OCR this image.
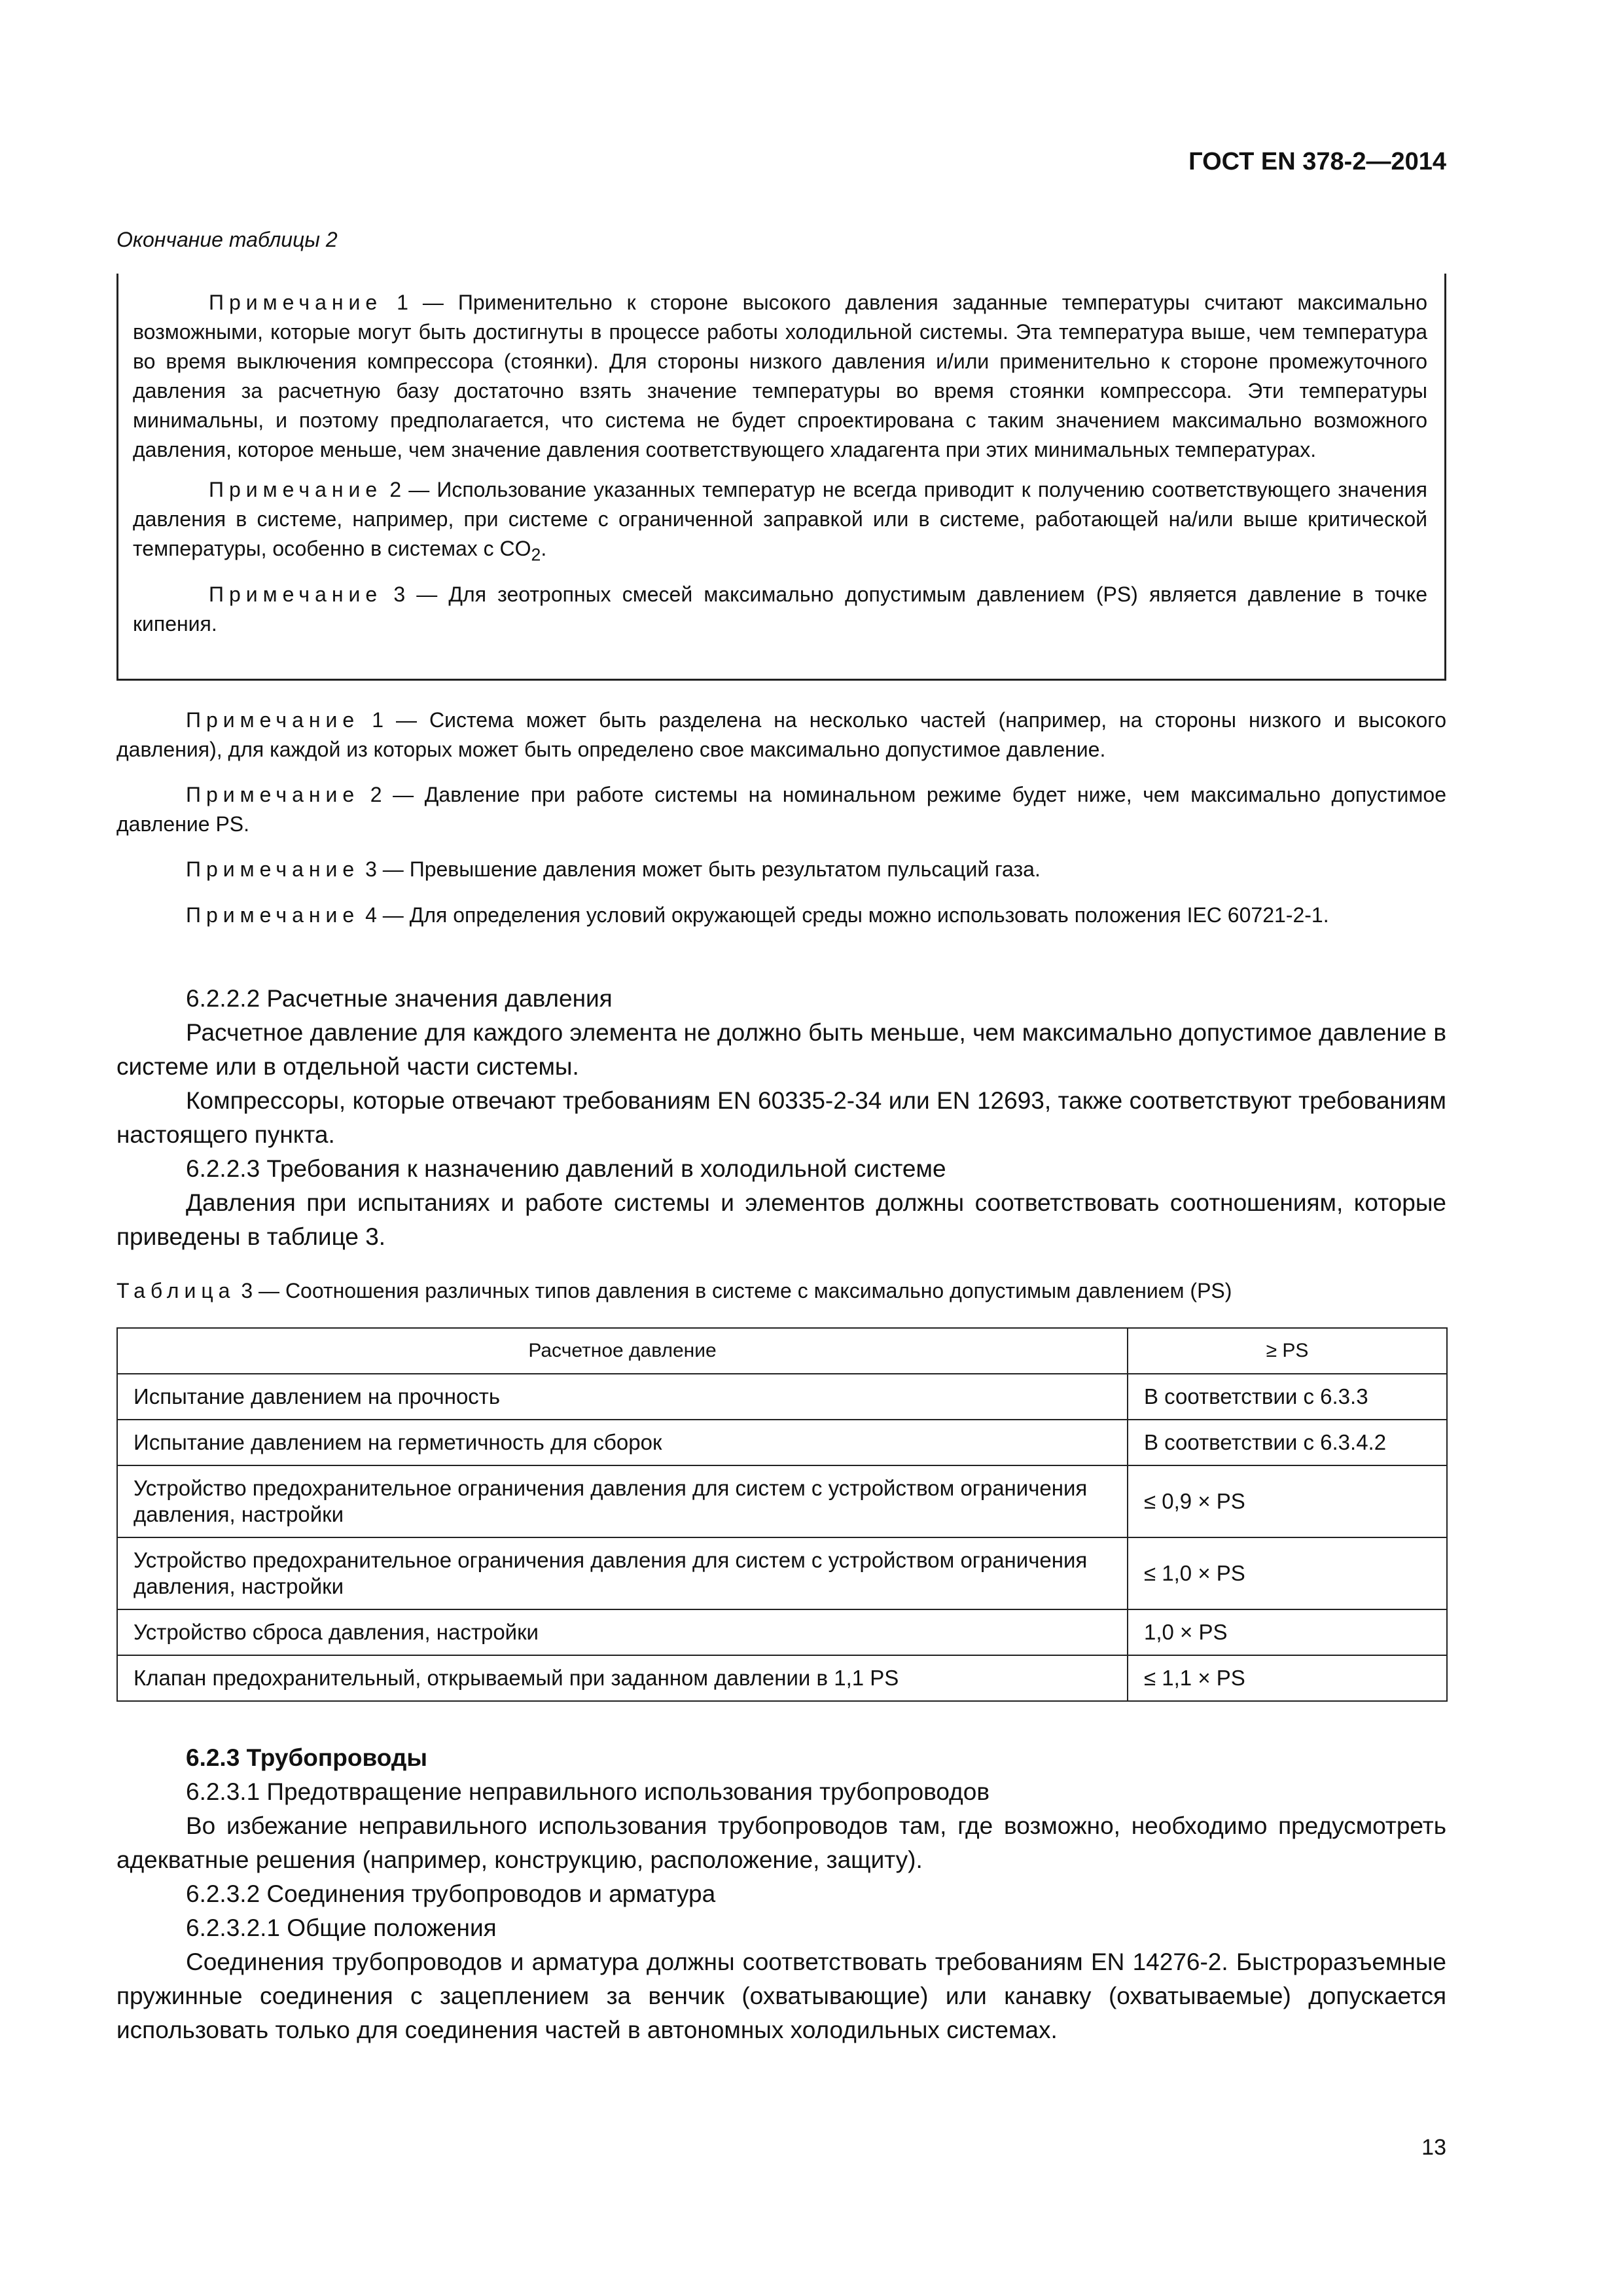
ГОСТ EN 378-2—2014
Окончание таблицы 2

Примечание 1 — Применительно к стороне высокого давления заданные температуры считают максимально возможными, которые могут быть достигнуты в процессе работы холодильной системы. Эта температура выше, чем температура во время выключения компрессора (стоянки). Для стороны низкого давления и/или применительно к стороне промежуточного давления за расчетную базу достаточно взять значение температуры во время стоянки компрессора. Эти температуры минимальны, и поэтому предполагается, что система не будет спроектирована с таким значением максимально возможного давления, которое меньше, чем значение давления соответствующего хладагента при этих минимальных температурах.

Примечание 2 — Использование указанных температур не всегда приводит к получению соответствующего значения давления в системе, например, при системе с ограниченной заправкой или в системе, работающей на/или выше критической температуры, особенно в системах с $CO_2$.

Примечание 3 — Для зеотропных смесей максимально допустимым давлением (PS) является давление в точке кипения.

Примечание 1 — Система может быть разделена на несколько частей (например, на стороны низкого и высокого давления), для каждой из которых может быть определено свое максимально допустимое давление.

Примечание 2 — Давление при работе системы на номинальном режиме будет ниже, чем максимально допустимое давление PS.

Примечание 3 — Превышение давления может быть результатом пульсаций газа.

Примечание 4 — Для определения условий окружающей среды можно использовать положения IEC 60721-2-1.

6.2.2.2 Расчетные значения давления

Расчетное давление для каждого элемента не должно быть меньше, чем максимально допустимое давление в системе или в отдельной части системы.

Компрессоры, которые отвечают требованиям EN 60335-2-34 или EN 12693, также соответствуют требованиям настоящего пункта.

6.2.2.3 Требования к назначению давлений в холодильной системе

Давления при испытаниях и работе системы и элементов должны соответствовать соотношениям, которые приведены в таблице 3.

Таблица 3 — Соотношения различных типов давления в системе с максимально допустимым давлением (PS)
Расчетное давление	≥ PS
Испытание давлением на прочность	В соответствии с 6.3.3
Испытание давлением на герметичность для сборок	В соответствии с 6.3.4.2
Устройство предохранительное ограничения давления для систем с устройством ограничения давления, настройки	≤ 0,9 × PS
Устройство предохранительное ограничения давления для систем с устройством ограничения давления, настройки	≤ 1,0 × PS
Устройство сброса давления, настройки	1,0 × PS
Клапан предохранительный, открываемый при заданном давлении в 1,1 PS	≤ 1,1 × PS

6.2.3 Трубопроводы

6.2.3.1 Предотвращение неправильного использования трубопроводов

Во избежание неправильного использования трубопроводов там, где возможно, необходимо предусмотреть адекватные решения (например, конструкцию, расположение, защиту).

6.2.3.2 Соединения трубопроводов и арматура

6.2.3.2.1 Общие положения

Соединения трубопроводов и арматура должны соответствовать требованиям EN 14276-2. Быстроразъемные пружинные соединения с зацеплением за венчик (охватывающие) или канавку (охватываемые) допускается использовать только для соединения частей в автономных холодильных системах.

13
